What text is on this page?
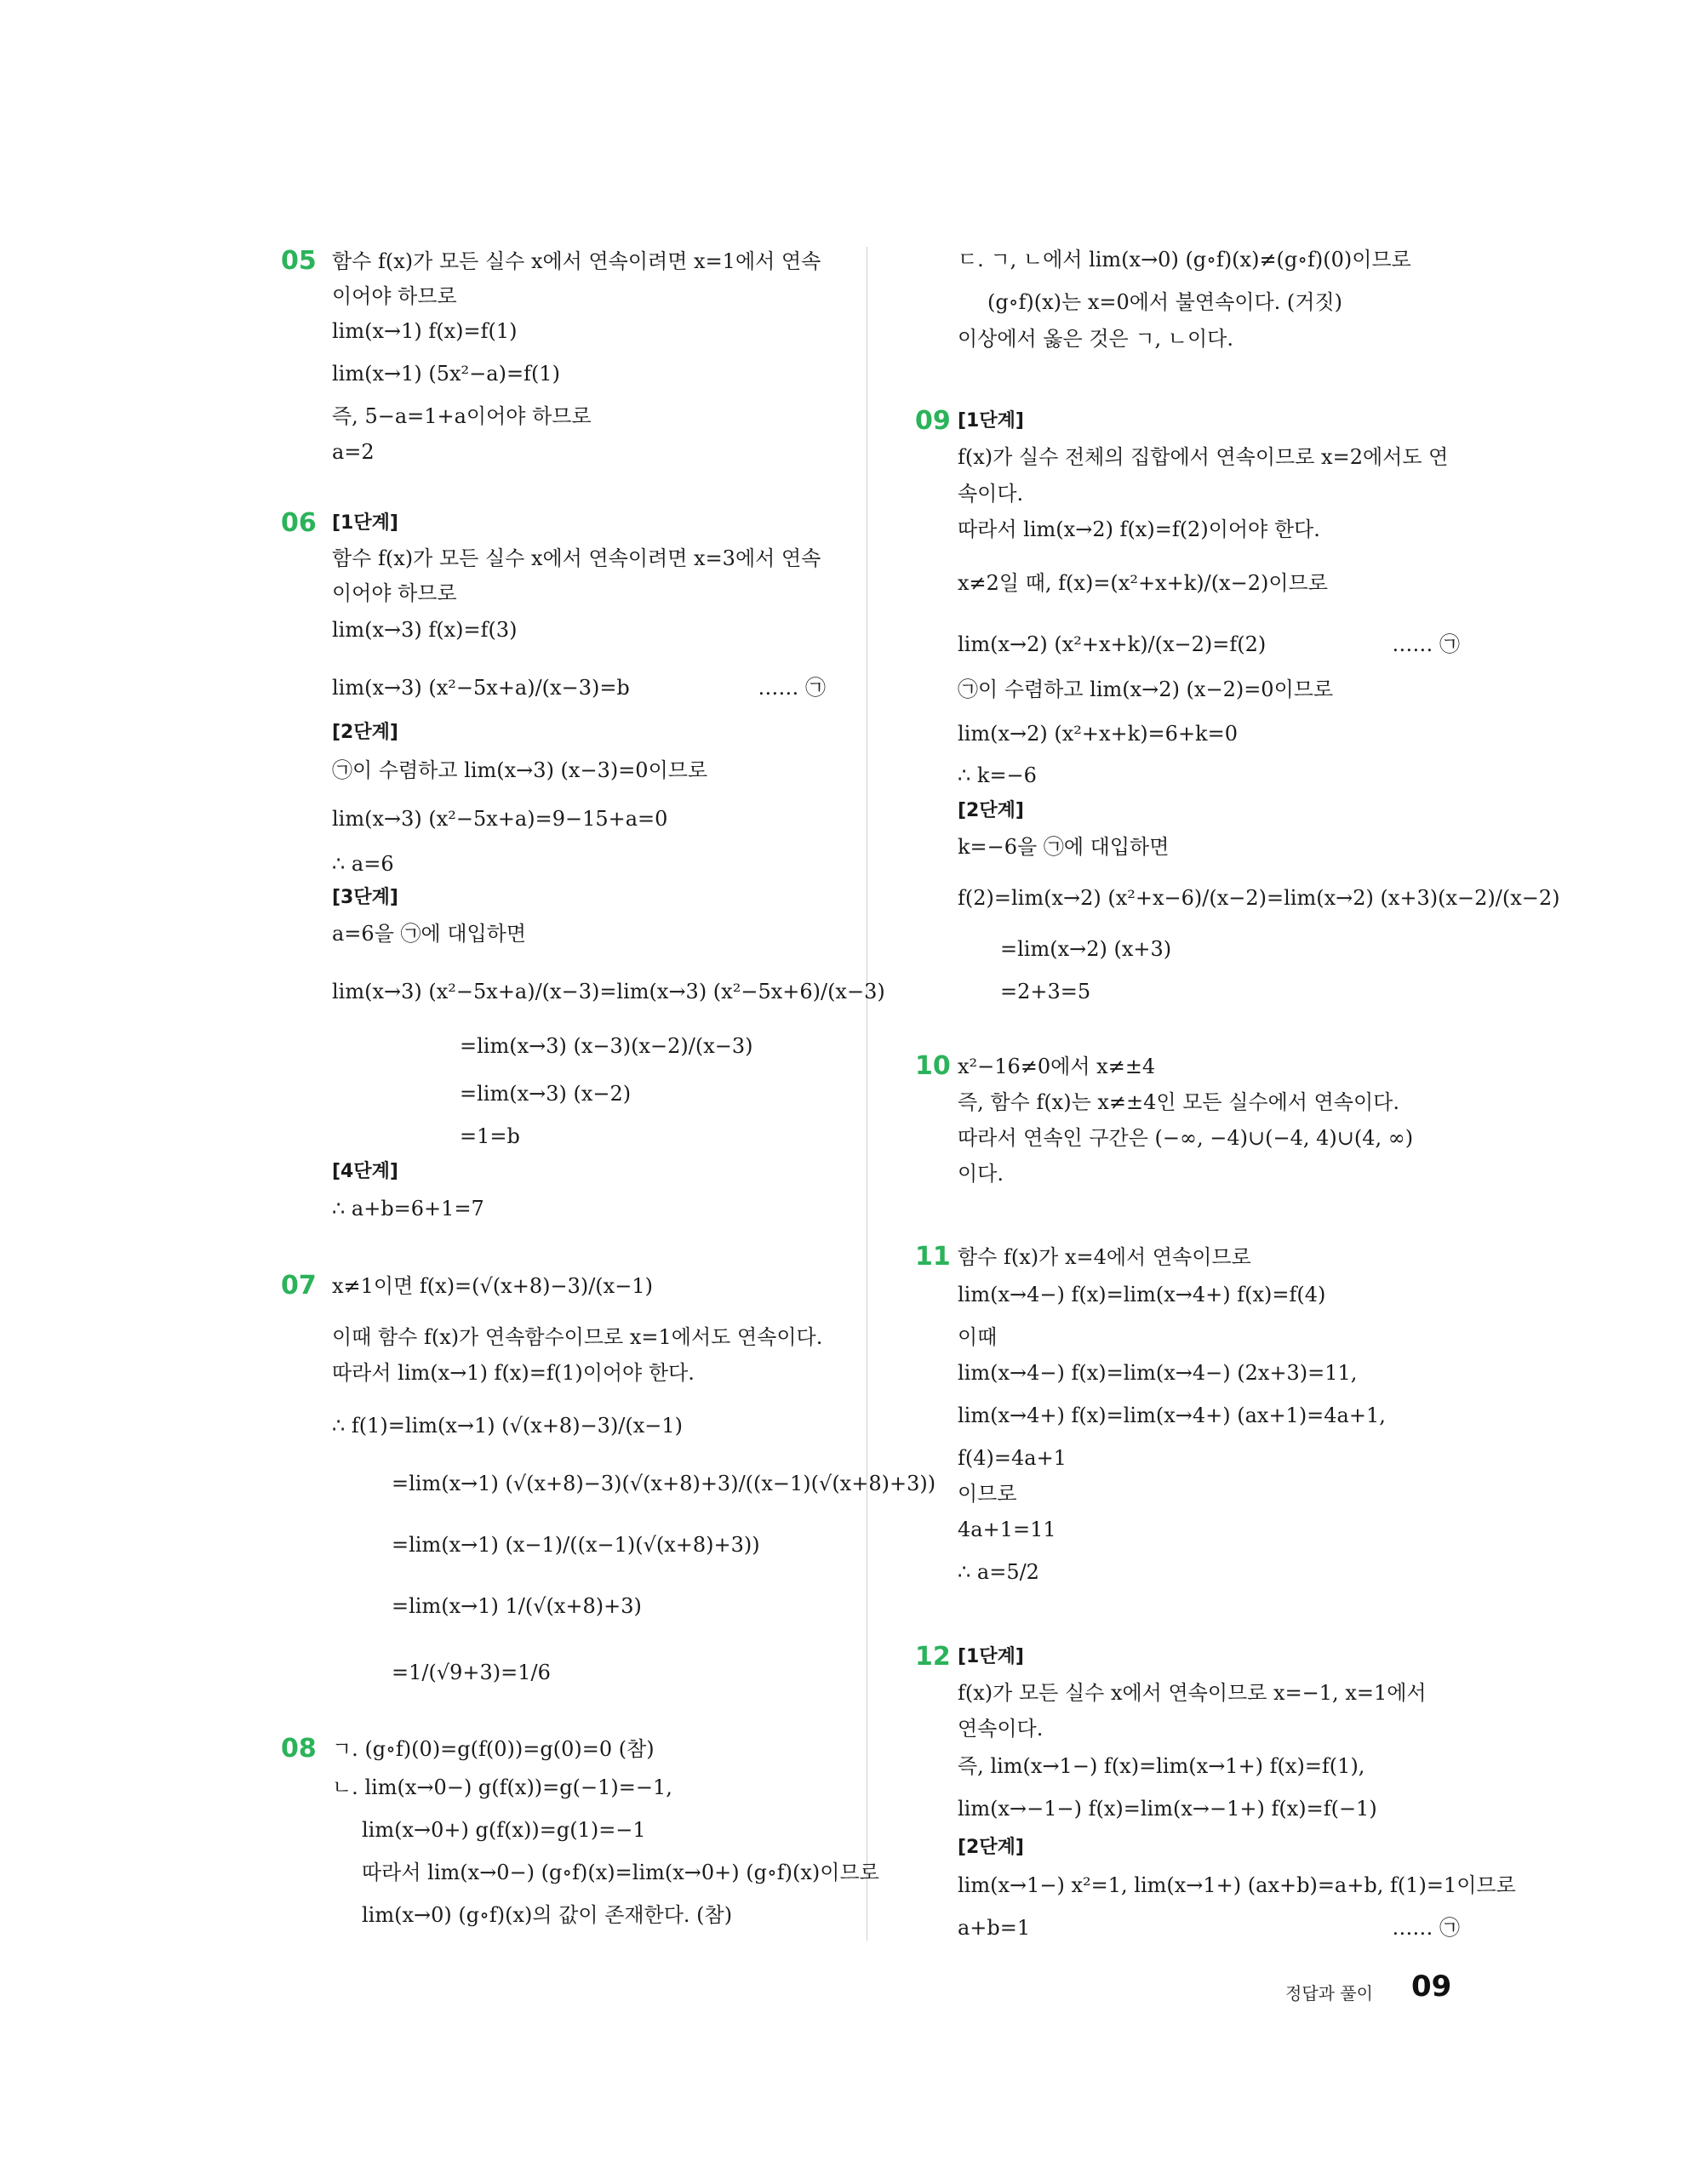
05 함수 f(x)가 모든 실수 x에서 연속이려면 x=1에서 연속
이어야 하므로
lim(x→1) f(x)=f(1)
lim(x→1) (5x²−a)=f(1)
즉, 5−a=1+a이어야 하므로
a=2
06 [1단계]
함수 f(x)가 모든 실수 x에서 연속이려면 x=3에서 연속
이어야 하므로
lim(x→3) f(x)=f(3)
lim(x→3) (x²−5x+a)/(x−3)=b	…… ㉠
[2단계]
㉠이 수렴하고 lim(x→3) (x−3)=0이므로
lim(x→3) (x²−5x+a)=9−15+a=0
∴ a=6
[3단계]
a=6을 ㉠에 대입하면
lim(x→3) (x²−5x+a)/(x−3)=lim(x→3) (x²−5x+6)/(x−3)
=lim(x→3) (x−3)(x−2)/(x−3)
=lim(x→3) (x−2)
=1=b
[4단계]
∴ a+b=6+1=7
07 x≠1이면 f(x)=(√(x+8)−3)/(x−1)
이때 함수 f(x)가 연속함수이므로 x=1에서도 연속이다.
따라서 lim(x→1) f(x)=f(1)이어야 한다.
∴ f(1)=lim(x→1) (√(x+8)−3)/(x−1)
=lim(x→1) (√(x+8)−3)(√(x+8)+3)/((x−1)(√(x+8)+3))
=lim(x→1) (x−1)/((x−1)(√(x+8)+3))
=lim(x→1) 1/(√(x+8)+3)
=1/(√9+3)=1/6
08 ㄱ. (g∘f)(0)=g(f(0))=g(0)=0 (참)
ㄴ. lim(x→0−) g(f(x))=g(−1)=−1,
lim(x→0+) g(f(x))=g(1)=−1
따라서 lim(x→0−) (g∘f)(x)=lim(x→0+) (g∘f)(x)이므로
lim(x→0) (g∘f)(x)의 값이 존재한다. (참)
ㄷ. ㄱ, ㄴ에서 lim(x→0) (g∘f)(x)≠(g∘f)(0)이므로
(g∘f)(x)는 x=0에서 불연속이다. (거짓)
이상에서 옳은 것은 ㄱ, ㄴ이다.
09 [1단계]
f(x)가 실수 전체의 집합에서 연속이므로 x=2에서도 연
속이다.
따라서 lim(x→2) f(x)=f(2)이어야 한다.
x≠2일 때, f(x)=(x²+x+k)/(x−2)이므로
lim(x→2) (x²+x+k)/(x−2)=f(2)	…… ㉠
㉠이 수렴하고 lim(x→2) (x−2)=0이므로
lim(x→2) (x²+x+k)=6+k=0
∴ k=−6
[2단계]
k=−6을 ㉠에 대입하면
f(2)=lim(x→2) (x²+x−6)/(x−2)=lim(x→2) (x+3)(x−2)/(x−2)
=lim(x→2) (x+3)
=2+3=5
10 x²−16≠0에서 x≠±4
즉, 함수 f(x)는 x≠±4인 모든 실수에서 연속이다.
따라서 연속인 구간은 (−∞, −4)∪(−4, 4)∪(4, ∞)
이다.
11 함수 f(x)가 x=4에서 연속이므로
lim(x→4−) f(x)=lim(x→4+) f(x)=f(4)
이때
lim(x→4−) f(x)=lim(x→4−) (2x+3)=11,
lim(x→4+) f(x)=lim(x→4+) (ax+1)=4a+1,
f(4)=4a+1
이므로
4a+1=11
∴ a=5/2
12 [1단계]
f(x)가 모든 실수 x에서 연속이므로 x=−1, x=1에서
연속이다.
즉, lim(x→1−) f(x)=lim(x→1+) f(x)=f(1),
lim(x→−1−) f(x)=lim(x→−1+) f(x)=f(−1)
[2단계]
lim(x→1−) x²=1, lim(x→1+) (ax+b)=a+b, f(1)=1이므로
a+b=1	…… ㉠
정답과 풀이 09
